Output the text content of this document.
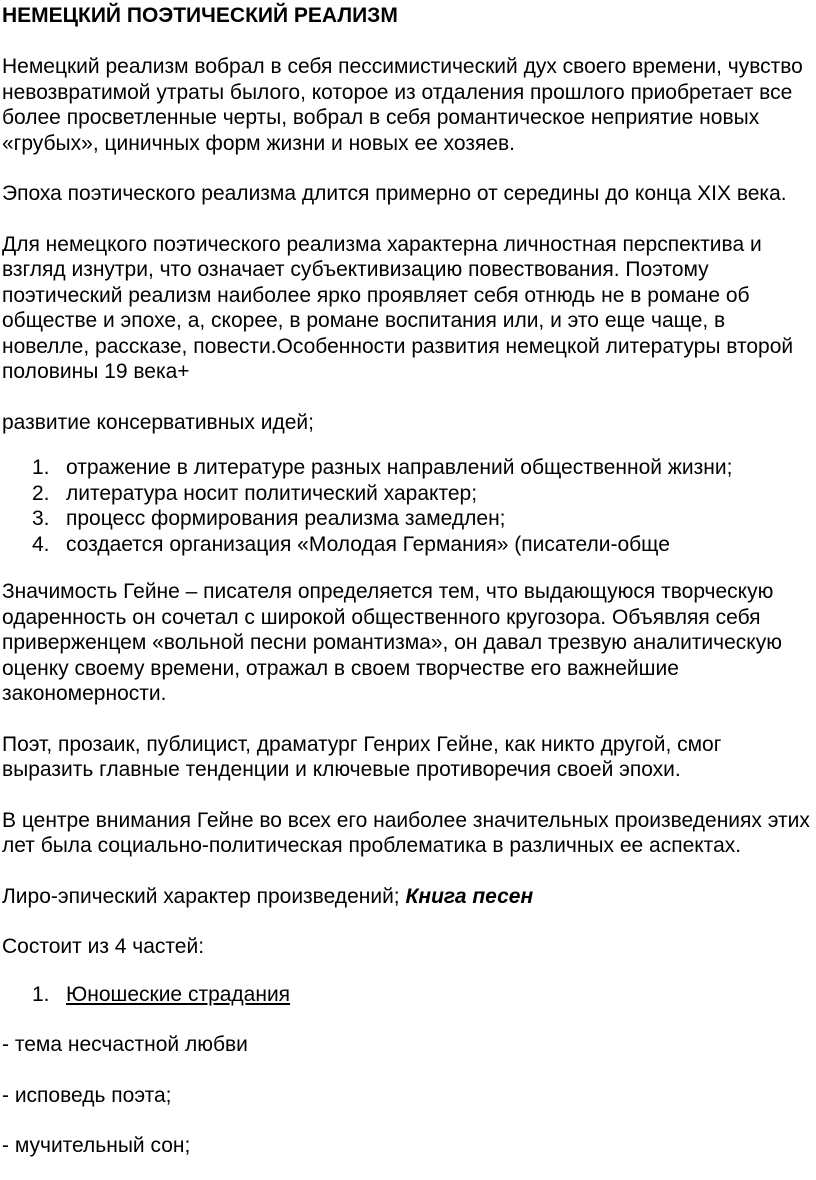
НЕМЕЦКИЙ ПОЭТИЧЕСКИЙ РЕАЛИЗМ

Немецкий реализм вобрал в себя пессимистический дух своего времени, чувство невозвратимой утраты былого, которое из отдаления прошлого приобретает все более просветленные черты, вобрал в себя романтическое неприятие новых «грубых», циничных форм жизни и новых ее хозяев.

Эпоха поэтического реализма длится примерно от середины до конца XIX века.

Для немецкого поэтического реализма характерна личностная перспектива и взгляд изнутри, что означает субъективизацию повествования. Поэтому поэтический реализм наиболее ярко проявляет себя отнюдь не в романе об обществе и эпохе, а, скорее, в романе воспитания или, и это еще чаще, в новелле, рассказе, повести.Особенности развития немецкой литературы второй половины 19 века+

развитие консервативных идей;

1. отражение в литературе разных направлений общественной жизни;
2. литература носит политический характер;
3. процесс формирования реализма замедлен;
4. создается организация «Молодая Германия» (писатели-обще

Значимость Гейне – писателя определяется тем, что выдающуюся творческую одаренность он сочетал с широкой общественного кругозора. Объявляя себя приверженцем «вольной песни романтизма», он давал трезвую аналитическую оценку своему времени, отражал в своем творчестве его важнейшие закономерности.

Поэт, прозаик, публицист, драматург Генрих Гейне, как никто другой, смог выразить главные тенденции и ключевые противоречия своей эпохи.

В центре внимания Гейне во всех его наиболее значительных произведениях этих лет была социально-политическая проблематика в различных ее аспектах.

Лиро-эпический характер произведений; Книга песен

Состоит из 4 частей:

1. Юношеские страдания

- тема несчастной любви

- исповедь поэта;

- мучительный сон;
